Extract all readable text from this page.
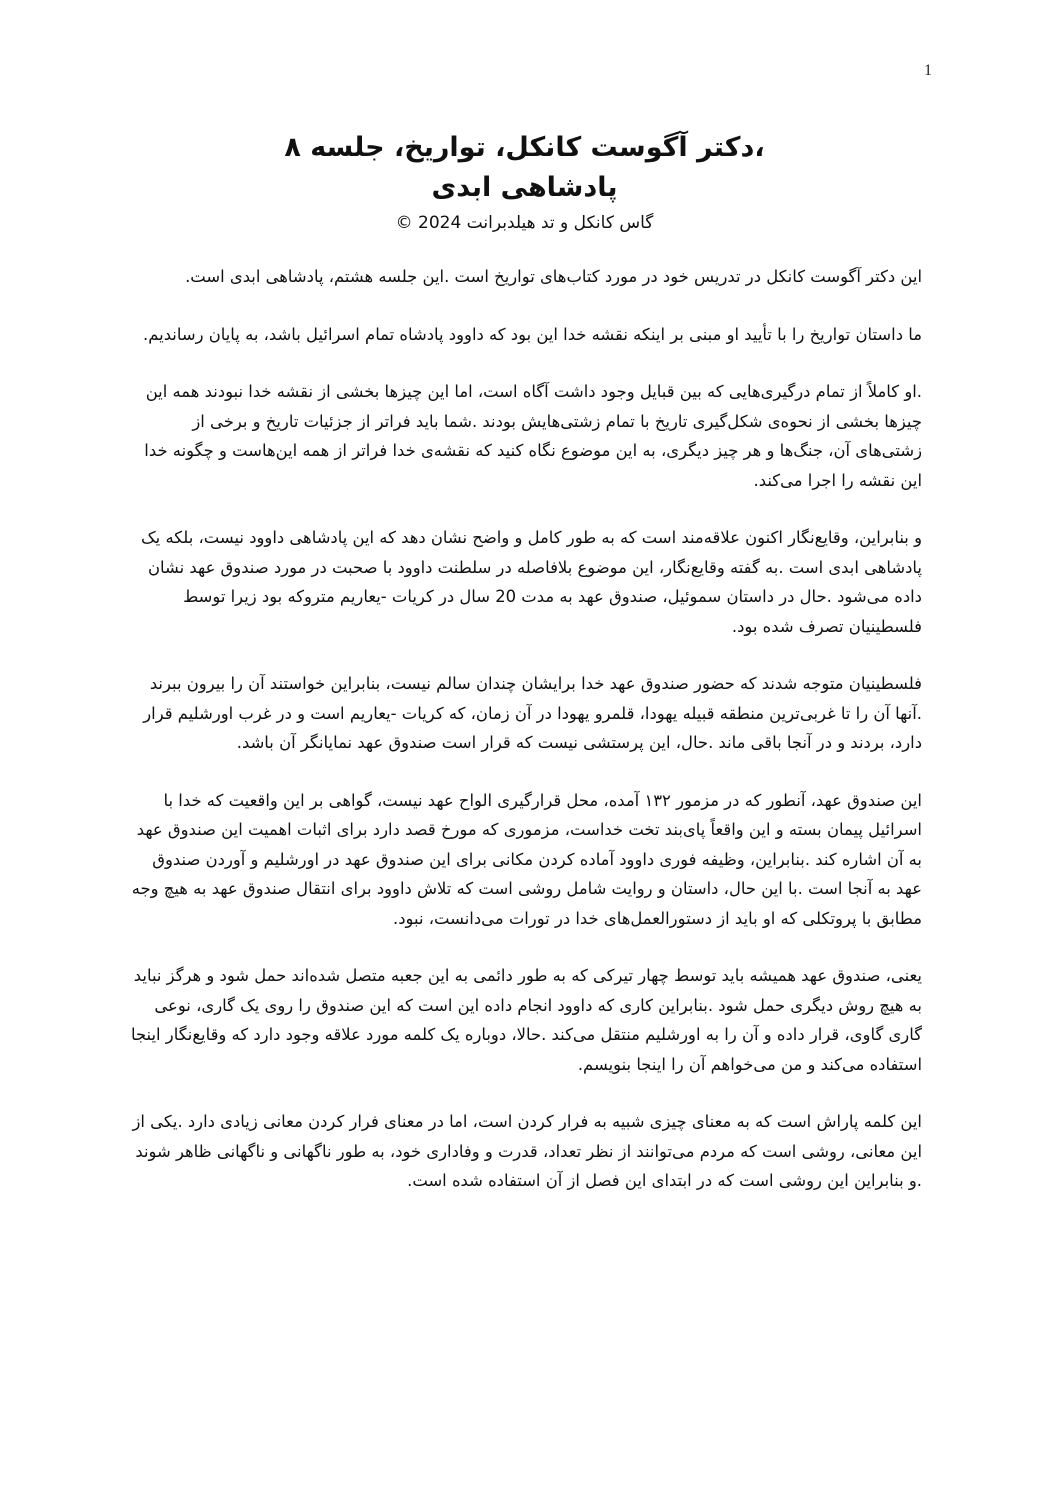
1

،دکتر آگوست کانکل، تواریخ، جلسه ۸

پادشاهی ابدی

گاس کانکل و تد هیلدبرانت 2024 ©

این دکتر آگوست کانکل در تدریس خود در مورد کتاب‌های تواریخ است .این جلسه هشتم، پادشاهی ابدی است.

ما داستان تواریخ را با تأیید او مبنی بر اینکه نقشه خدا این بود که داوود پادشاه تمام اسرائیل باشد، به پایان رساندیم.

.او کاملاً از تمام درگیری‌هایی که بین قبایل وجود داشت آگاه است، اما این چیزها بخشی از نقشه خدا نبودند همه این چیزها بخشی از نحوه‌ی شکل‌گیری تاریخ با تمام زشتی‌هایش بودند .شما باید فراتر از جزئیات تاریخ و برخی از زشتی‌های آن، جنگ‌ها و هر چیز دیگری، به این موضوع نگاه کنید که نقشه‌ی خدا فراتر از همه این‌هاست و چگونه خدا این نقشه را اجرا می‌کند.

و بنابراین، وقایع‌نگار اکنون علاقه‌مند است که به طور کامل و واضح نشان دهد که این پادشاهی داوود نیست، بلکه یک پادشاهی ابدی است .به گفته وقایع‌نگار، این موضوع بلافاصله در سلطنت داوود با صحبت در مورد صندوق عهد نشان داده می‌شود .حال در داستان سموئیل، صندوق عهد به مدت 20 سال در کریات -یعاریم متروکه بود زیرا توسط فلسطینیان تصرف شده بود.

فلسطینیان متوجه شدند که حضور صندوق عهد خدا برایشان چندان سالم نیست، بنابراین خواستند آن را بیرون ببرند .آنها آن را تا غربی‌ترین منطقه قبیله یهودا، قلمرو یهودا در آن زمان، که کریات -یعاریم است و در غرب اورشلیم قرار دارد، بردند و در آنجا باقی ماند .حال، این پرستشی نیست که قرار است صندوق عهد نمایانگر آن باشد.

این صندوق عهد، آنطور که در مزمور ۱۳۲ آمده، محل قرارگیری الواح عهد نیست، گواهی بر این واقعیت که خدا با اسرائیل پیمان بسته و این واقعاً پای‌بند تخت خداست، مزموری که مورخ قصد دارد برای اثبات اهمیت این صندوق عهد به آن اشاره کند .بنابراین، وظیفه فوری داوود آماده کردن مکانی برای این صندوق عهد در اورشلیم و آوردن صندوق عهد به آنجا است .با این حال، داستان و روایت شامل روشی است که تلاش داوود برای انتقال صندوق عهد به هیچ وجه مطابق با پروتکلی که او باید از دستورالعمل‌های خدا در تورات می‌دانست، نبود.

یعنی، صندوق عهد همیشه باید توسط چهار تیرکی که به طور دائمی به این جعبه متصل شده‌اند حمل شود و هرگز نباید به هیچ روش دیگری حمل شود .بنابراین کاری که داوود انجام داده این است که این صندوق را روی یک گاری، نوعی گاری گاوی، قرار داده و آن را به اورشلیم منتقل می‌کند .حالا، دوباره یک کلمه مورد علاقه وجود دارد که وقایع‌نگار اینجا استفاده می‌کند و من می‌خواهم آن را اینجا بنویسم.

این کلمه پاراش است که به معنای چیزی شبیه به فرار کردن است، اما در معنای فرار کردن معانی زیادی دارد .یکی از این معانی، روشی است که مردم می‌توانند از نظر تعداد، قدرت و وفاداری خود، به طور ناگهانی و ناگهانی ظاهر شوند .و بنابراین این روشی است که در ابتدای این فصل از آن استفاده شده است.
